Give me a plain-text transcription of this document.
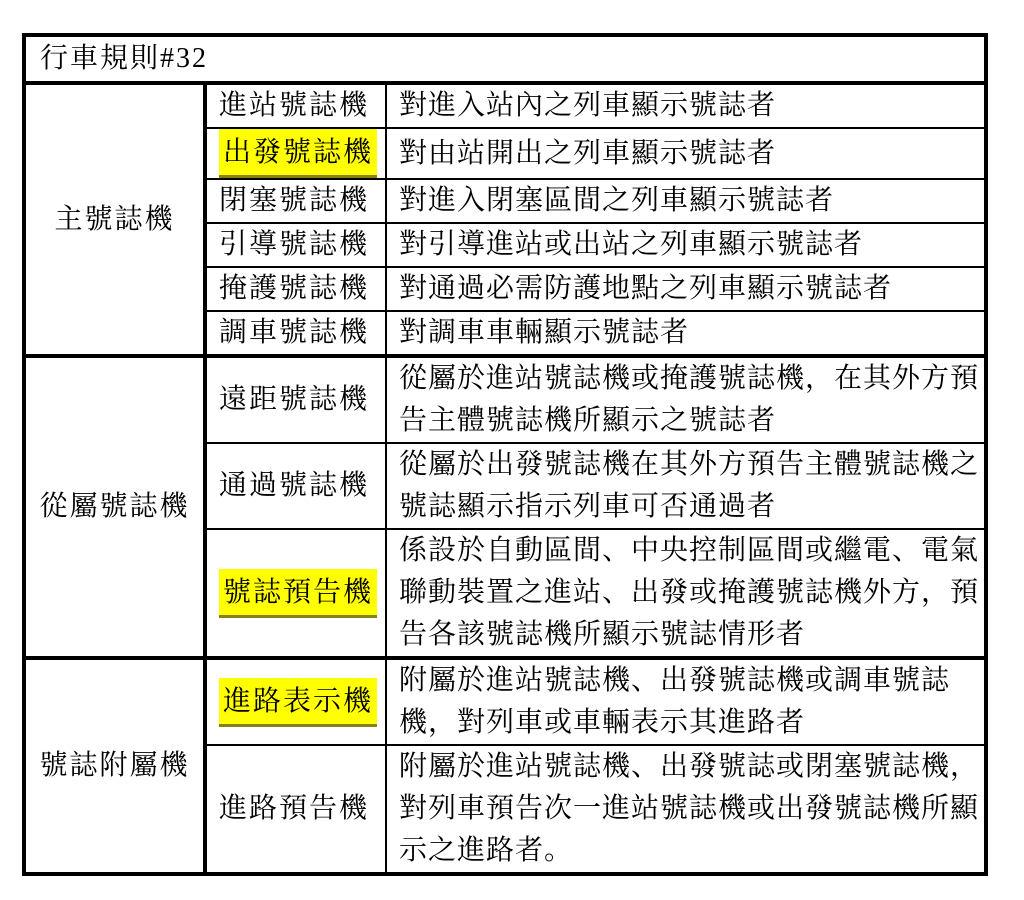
行車規則#32		
主號誌機	進站號誌機	對進入站內之列車顯示號誌者
	出發號誌機	對由站開出之列車顯示號誌者
	閉塞號誌機	對進入閉塞區間之列車顯示號誌者
	引導號誌機	對引導進站或出站之列車顯示號誌者
	掩護號誌機	對通過必需防護地點之列車顯示號誌者
	調車號誌機	對調車車輛顯示號誌者
從屬號誌機	遠距號誌機	從屬於進站號誌機或掩護號誌機，在其外方預告主體號誌機所顯示之號誌者
	通過號誌機	從屬於出發號誌機在其外方預告主體號誌機之號誌顯示指示列車可否通過者
	號誌預告機	係設於自動區間、中央控制區間或繼電、電氣聯動裝置之進站、出發或掩護號誌機外方，預告各該號誌機所顯示號誌情形者
號誌附屬機	進路表示機	附屬於進站號誌機、出發號誌機或調車號誌機，對列車或車輛表示其進路者
	進路預告機	附屬於進站號誌機、出發號誌或閉塞號誌機，對列車預告次一進站號誌機或出發號誌機所顯示之進路者。
